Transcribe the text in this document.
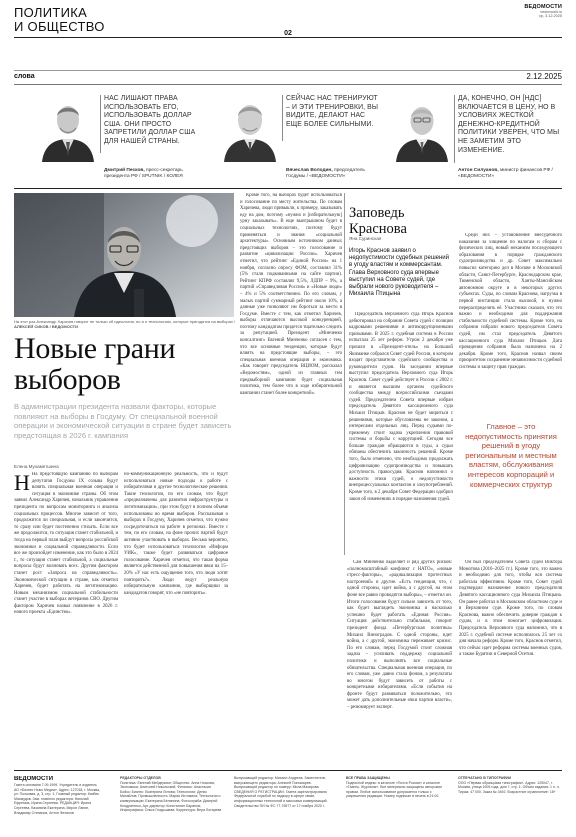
ПОЛИТИКА
И ОБЩЕСТВО	02
ВЕДОМОСТИ
vedomosti.ru
ср, 3.12.2025
слова	2.12.2025
НАС ЛИШАЮТ ПРАВА ИСПОЛЬЗОВАТЬ ЕГО, ИСПОЛЬЗОВАТЬ ДОЛЛАР США. ОНИ ПРОСТО ЗАПРЕТИЛИ ДОЛЛАР США ДЛЯ НАШЕЙ СТРАНЫ.
Дмитрий Песков, пресс-секретарь президента РФ / SPUTNIK / КОЛЕЯ
СЕЙЧАС НАС ТРЕНИРУЮТ – И ЭТИ ТРЕНИРОВКИ, ВЫ ВИДИТЕ, ДЕЛАЮТ НАС ЕЩЕ БОЛЕЕ СИЛЬНЫМИ.
Вячеслав Володин, председатель Госдумы / «ВЕДОМОСТИ»
ДА, КОНЕЧНО, ОН [НДС] ВКЛЮЧАЕТСЯ В ЦЕНУ, НО В УСЛОВИЯХ ЖЕСТКОЙ ДЕНЕЖНО-КРЕДИТНОЙ ПОЛИТИКИ УВЕРЕН, ЧТО МЫ НЕ ЗАМЕТИМ ЭТО ИЗМЕНЕНИЕ.
Антон Силуанов, министр финансов РФ / «ВЕДОМОСТИ»
На этот раз Александр Харичев говорит не только об идеологии, но и о технологиях, которые пригодятся на выборах / АЛЕКСЕЙ СИКОВ / ВЕДОМОСТИ
Новые грани выборов
В администрации президента назвали факторы, которые повлияют на выборы в Госдуму. От специальной военной операции и экономической ситуации в стране будет зависеть предстоящая в 2026 г. кампания
Елена Мухаметшина
Н На предстоящую кампанию по выборам депутатов Госдумы IX созыва будут влиять специальная военная операция и ситуация в экономике страны. Об этом заявил Александр Харичев, начальник управления президента по вопросам мониторинга и анализа социальных процессов. Многое зависит от того, продолжится ли специальная, и если закончится, то сразу или будет постепенно стихать. Если все же продолжится, то ситуация станет стабильной, и тогда на первый план выйдут вопросы российской экономики и социальной справедливости. Если все же произойдет изменение, как это было в 2024 г., то ситуация станет стабильной, а социальные вопросы будут волновать всех. Другим фактором станет рост «Запроса на справедливость». Экономической ситуации в стране, как отметил Харичев, будет работать на легитимизацию. Новым механизмом социальной стабильности станет участие в выборах ветеранов СВО. Другим фактором Харичев назвал появление в 2026 г. нового проекта «Единство».

но-коммуникационную реальность, что и будут использоваться новые подходы к работе с избирателями и другие технологические решения. Такие технологии, по его словам, что будут «предназначены для развития инфраструктуры и легитимизации», при этом будут в полном объеме использованы во время выборов. Рассказывая о выборах в Госдуму, Харичев отметил, что нужно сосредоточиться на работе в регионах. Вместе с тем, по его словам, на фоне прочих партий будут активно участвовать в выборах. Весьма вероятно, что будет использоваться технология «Информ УИК», также будет развиваться цифровое голосование. Харичев отметил, что такая форма является действенной для повышения явки на 15–20% «У нас есть ощущение того, что люди хотят повторить?». Люди ведут реальную избирательную кампанию, где выборщики за кандидатов говорят, что «не повторить».

Кроме того, на выборах будет использоваться и голосование по месту жительства. По словам Харичева, люди привыкли, к примеру, заказывать еду на дом, поэтому «нужно и [избирательную] урну заказывать». В еще выигрышном будет в социальных технологиях, поэтому будут применяться и знания «социальной архитектуры». Основным источником данных предстоящих выборов – это голосование и развитие «цивилизации России». Харичев отметил, что рейтинг «Единой России» на 1 ноября, согласно опросу ФОМ, составлял 31% (5% стали подкованными на сайте партии). Рейтинг КПРФ составлял 9,5%, ЛДПР – 9%, а партий «Справедливая Россия» и «Новые люди» – 4% и 5% соответственно. По его словам, у малых партий суммарный рейтинг около 10%, а данные уже позволяют им бороться за место в Госдуме. Вместе с тем, как отметил Харичев, выборы отличаются высокой конкуренцией, поэтому кандидатам придется тщательно следить за репутацией. Президент «Минченко консалтинг» Евгений Минченко согласен с тем, что все основные тенденции, которые будут влиять на предстоящие выборы, – это специальная военная операция и экономика. «Как говорит председатель ВЦИОМ, рассказал «Ведомостям», одной из главных тем предвыборной кампании будет социальная политика, тем более что в ходе избирательной кампании станет более конкретной».

Сам Минченко выделяет и ряд других рисков: «полномасштабный конфликт с НАТО», «новые стресс-факторы», «радикализация протестных настроений» и другие. «Есть тенденция, что, с одной стороны, идет война, а с другой, на этом фоне все равно проводятся выборы», – отметил он. Итоги голосования будут сильно зависеть от того, как будет выглядеть экономика и насколько успешно будет работать «Единая Россия». Ситуация действительно стабильная, говорит президент фонда «Петербургская политика» Михаил Виноградов. С одной стороны, идет война, а с другой, экономика переживает кризис. По его словам, перед Госдумой стоит сложная задача – усиливать поддержку социальной политики и выполнять все социальные обязательства. Специальная военная операция, по его словам, уже давно стала фоном, а результаты во многом будут зависеть от работы с конкретными избирателями. «Если события на фронте будут развиваться положительно, это может дать дополнительные очки партии власти», – резюмирует эксперт.

Заповедь Краснова
Яна Суринская
Игорь Краснов заявил о недопустимости судебных решений в угоду властям и коммерсантам. Глава Верховного суда впервые выступил на Совете судей, где выбрали нового руководителя – Михаила Птицына

Председатель Верховного суда Игорь Краснов дебютировал на собрании Совета судей с позиции кадровыми решениями и антикоррупционными призывами. В 2025 г. судебная система в России испытала 25 лет реформ. Утром 2 декабря уже прошли в «Президент-отель» на Большой Якиманке собрался Совет судей России, в котором входят представители судейского сообщества и руководители судов. На заседании впервые выступил председатель Верховного суда Игорь Краснов. Совет судей действует в России с 2002 г. и является высшим органом судейского сообщества между всероссийскими съездами судей. Председателем Совета впервые избран председатель Девятого кассационного суда Михаил Птицын. Краснов не будет мириться с решениями, которые обусловлены не законом, а интересами отдельных лиц. Перед судьями по-прежнему стоит задача укрепления правовой системы и борьбы с коррупцией. Сегодня все больше граждан обращаются в суды, а судьи обязаны обеспечить законность решений. Кроме того, было отмечено, что необходимо продолжать цифровизацию судопроизводства и повышать доступность правосудия. Краснов напомнил о важности этики судей, о недопустимости внепроцессуальных контактов и злоупотреблений. Кроме того, в 2 декабря Совет Федерации одобрил закон об изменениях в порядке назначения судей.

Средн них – установление внесудебного наказания за хищение по налогам и сборам с физических лиц, новый механизм последующего образования в порядке гражданского судопроизводства и др. Совет максимально повысил категорию дел в Москве и Московской области, Санкт-Петербурге, Краснодарском крае, Тюменской области, Ханты-Мансийском автономном округе и в некоторых других субъектах. Суды, по словам Краснова, нагрузка в первой инстанции стала высокой, и нужно перераспределять её. Участники сказали, что это важно и необходимо для поддержания стабильности судебной системы. Кроме того, на собрании избрали нового председателя Совета судей, им стал председатель Девятого кассационного суда Михаил Птицын. Дата проведения собрания была назначена на 2 декабря. Кроме того, Краснов назвал своим приоритетом сохранение независимости судебной системы и защиту прав граждан.

Главное – это недопустимость принятия решений в угоду региональным и местным властям, обслуживания интересов корпораций и коммерческих структур

Он был председателем Совета судей Виктора Момотова (2016–2025 гг.). Кроме того, это важно и необходимо для того, чтобы вся система работала эффективно. Кроме того, Совет судей подтвердил назначение нового председателя Девятого кассационного суда Михаила Птицына. Он ранее работал в Московском областном суде и в Верховном суде. Кроме того, по словам Краснова, важно обеспечить доверие граждан к судам, и в этом помогает цифровизация. Председатель Верховного суда напомнил, что в 2025 г. судебной системе исполнилось 25 лет со дня начала реформ. Кроме того, Краснов отметил, что сейчас идет реформа системы военных судов, а также Бурятии и Северной Осетии.

ВЕДОМОСТИ
Газета основана 7.09.1999. Учредитель и издатель АО «Бизнес Ньюс Медиа». Адрес: 127018, г. Москва, ул. Полковая, д. 3, стр. 1. Главный редактор: Казбек Махмудов. Зам. главного редактора: Николай Ефремов, Ирина Сергеева. РЕДАКЦИЯ: Ирина Сергеева, Казанина Екатерина, Мирон Лапин, Владимир Степанов, Антон Фаталов
РЕДАКТОРЫ ОТДЕЛОВ
Политика: Евгений Мейдерман; Общество: Анна Носкова; Экономика: Анатолий Никольский; Финансы: Анастасия Бойко; Бизнес: Екатерина Литова; Технологии: Денис Михайлов; Промышленность: Мария Истомина; Технологии и коммуникации: Екатерина Белянина; Фотослужба: Дмитрий Кондратенко; Арт-директор: Константин Баранов; Инфографика: Ольга Гладышева; Корректура: Вера Лотарева
Выпускающий редактор: Михаил Андреев. Заместитель выпускающего редактора: Алексей Пономарев. Выпускающий редактор по номеру: Мила Мазирова. СВЕДЕНИЯ О РЕГИСТРАЦИИ: Газета зарегистрирована Федеральной службой по надзору в сфере связи, информационных технологий и массовых коммуникаций. Свидетельство ПИ № ФС 77-76577 от 17 ноября 2020 г.
ВСЕ ПРАВА ЗАЩИЩЕНЫ
Подписной индекс: в каталоге «Почта России» и каталоге «Газеты. Журналы». Все материалы защищены авторским правом. Любое использование допускается только с разрешения редакции. Номер подписан в печать в 21:00.
ОТПЕЧАТАНО В ТИПОГРАФИИ
ООО «Первая образцовая типография». Адрес: 125047, г. Москва, улица 1905 года, дом 7, стр. 1. Объем издания: 1 п. л. Тираж: 47 000. Заказ № 3492. Возрастное ограничение: 18+
